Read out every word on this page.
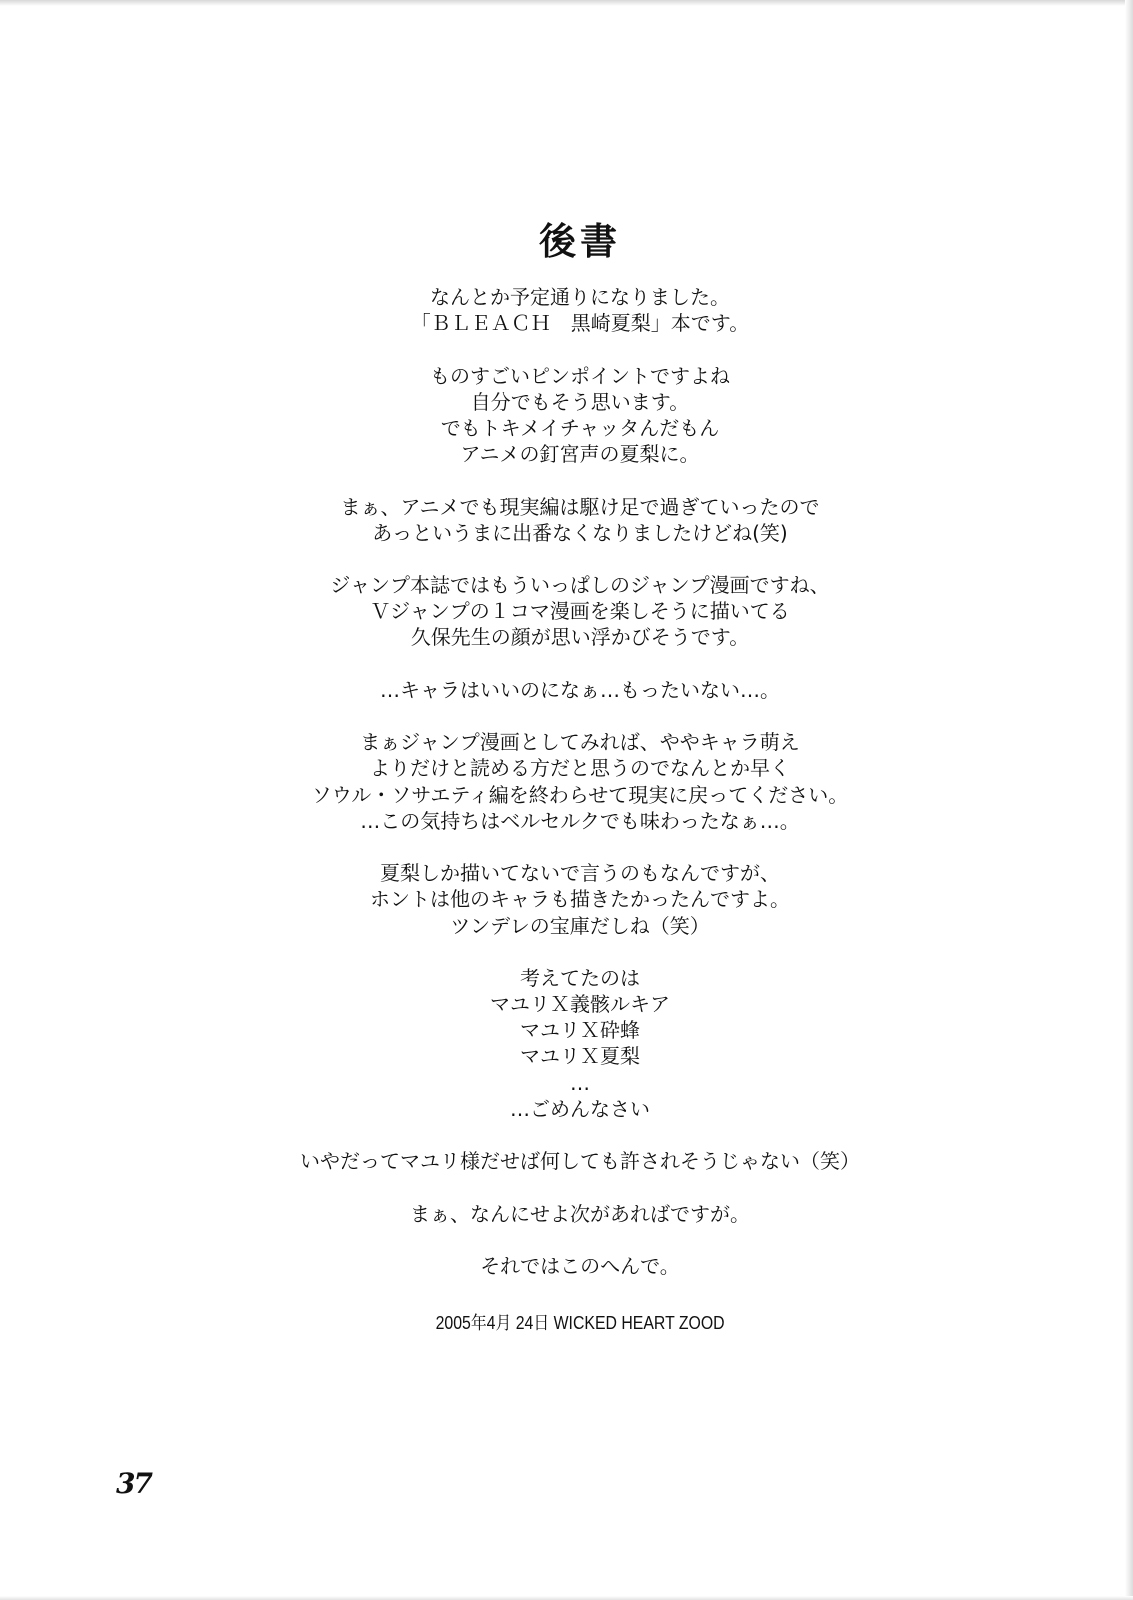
後書
なんとか予定通りになりました。
「ＢＬＥＡＣＨ　黒崎夏梨」本です。
ものすごいピンポイントですよね
自分でもそう思います。
でもトキメイチャッタんだもん
アニメの釘宮声の夏梨に。
まぁ、アニメでも現実編は駆け足で過ぎていったので
あっというまに出番なくなりましたけどね(笑)
ジャンプ本誌ではもういっぱしのジャンプ漫画ですね、
Ｖジャンプの１コマ漫画を楽しそうに描いてる
久保先生の顔が思い浮かびそうです。
…キャラはいいのになぁ…もったいない…。
まぁジャンプ漫画としてみれば、ややキャラ萌え
よりだけと読める方だと思うのでなんとか早く
ソウル・ソサエティ編を終わらせて現実に戻ってください。
…この気持ちはベルセルクでも味わったなぁ…。
夏梨しか描いてないで言うのもなんですが、
ホントは他のキャラも描きたかったんですよ。
ツンデレの宝庫だしね（笑）
考えてたのは
マユリＸ義骸ルキア
マユリＸ砕蜂
マユリＸ夏梨
…
…ごめんなさい
いやだってマユリ様だせば何しても許されそうじゃない（笑）
まぁ、なんにせよ次があればですが。
それではこのへんで。
2005年4月 24日 WICKED HEART ZOOD
37
